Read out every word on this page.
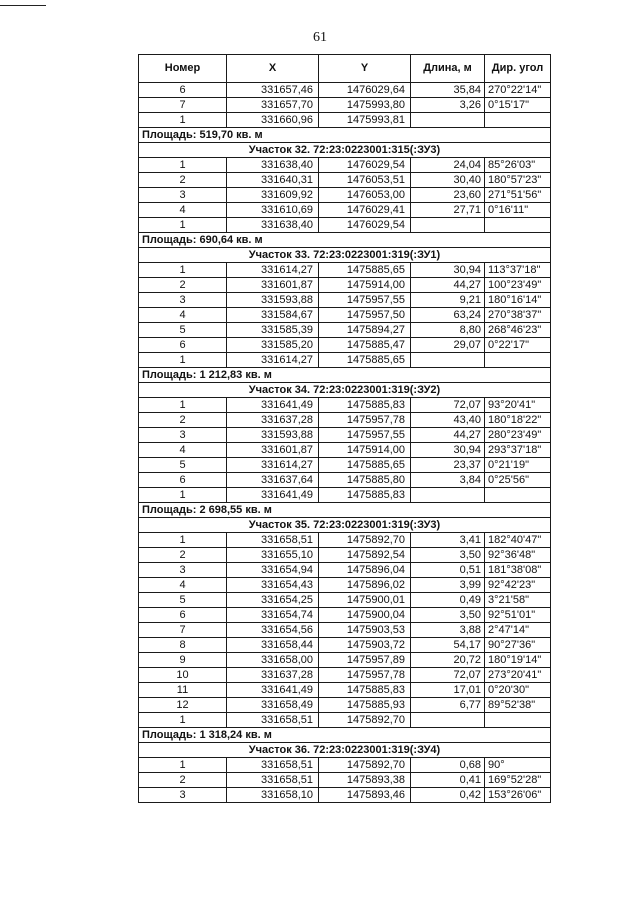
61
Номер	X	Y	Длина, м	Дир. угол
6	331657,46	1476029,64	35,84	270°22'14"
7	331657,70	1475993,80	3,26	0°15'17"
1	331660,96	1475993,81		
Площадь: 519,70 кв. м				
Участок 32. 72:23:0223001:315(:ЗУ3)				
1	331638,40	1476029,54	24,04	85°26'03"
2	331640,31	1476053,51	30,40	180°57'23"
3	331609,92	1476053,00	23,60	271°51'56"
4	331610,69	1476029,41	27,71	0°16'11"
1	331638,40	1476029,54		
Площадь: 690,64 кв. м				
Участок 33. 72:23:0223001:319(:ЗУ1)				
1	331614,27	1475885,65	30,94	113°37'18"
2	331601,87	1475914,00	44,27	100°23'49"
3	331593,88	1475957,55	9,21	180°16'14"
4	331584,67	1475957,50	63,24	270°38'37"
5	331585,39	1475894,27	8,80	268°46'23"
6	331585,20	1475885,47	29,07	0°22'17"
1	331614,27	1475885,65		
Площадь: 1 212,83 кв. м				
Участок 34. 72:23:0223001:319(:ЗУ2)				
1	331641,49	1475885,83	72,07	93°20'41"
2	331637,28	1475957,78	43,40	180°18'22"
3	331593,88	1475957,55	44,27	280°23'49"
4	331601,87	1475914,00	30,94	293°37'18"
5	331614,27	1475885,65	23,37	0°21'19"
6	331637,64	1475885,80	3,84	0°25'56"
1	331641,49	1475885,83		
Площадь: 2 698,55 кв. м				
Участок 35. 72:23:0223001:319(:ЗУ3)				
1	331658,51	1475892,70	3,41	182°40'47"
2	331655,10	1475892,54	3,50	92°36'48"
3	331654,94	1475896,04	0,51	181°38'08"
4	331654,43	1475896,02	3,99	92°42'23"
5	331654,25	1475900,01	0,49	3°21'58"
6	331654,74	1475900,04	3,50	92°51'01"
7	331654,56	1475903,53	3,88	2°47'14"
8	331658,44	1475903,72	54,17	90°27'36"
9	331658,00	1475957,89	20,72	180°19'14"
10	331637,28	1475957,78	72,07	273°20'41"
11	331641,49	1475885,83	17,01	0°20'30"
12	331658,49	1475885,93	6,77	89°52'38"
1	331658,51	1475892,70		
Площадь: 1 318,24 кв. м				
Участок 36. 72:23:0223001:319(:ЗУ4)				
1	331658,51	1475892,70	0,68	90°
2	331658,51	1475893,38	0,41	169°52'28"
3	331658,10	1475893,46	0,42	153°26'06"
